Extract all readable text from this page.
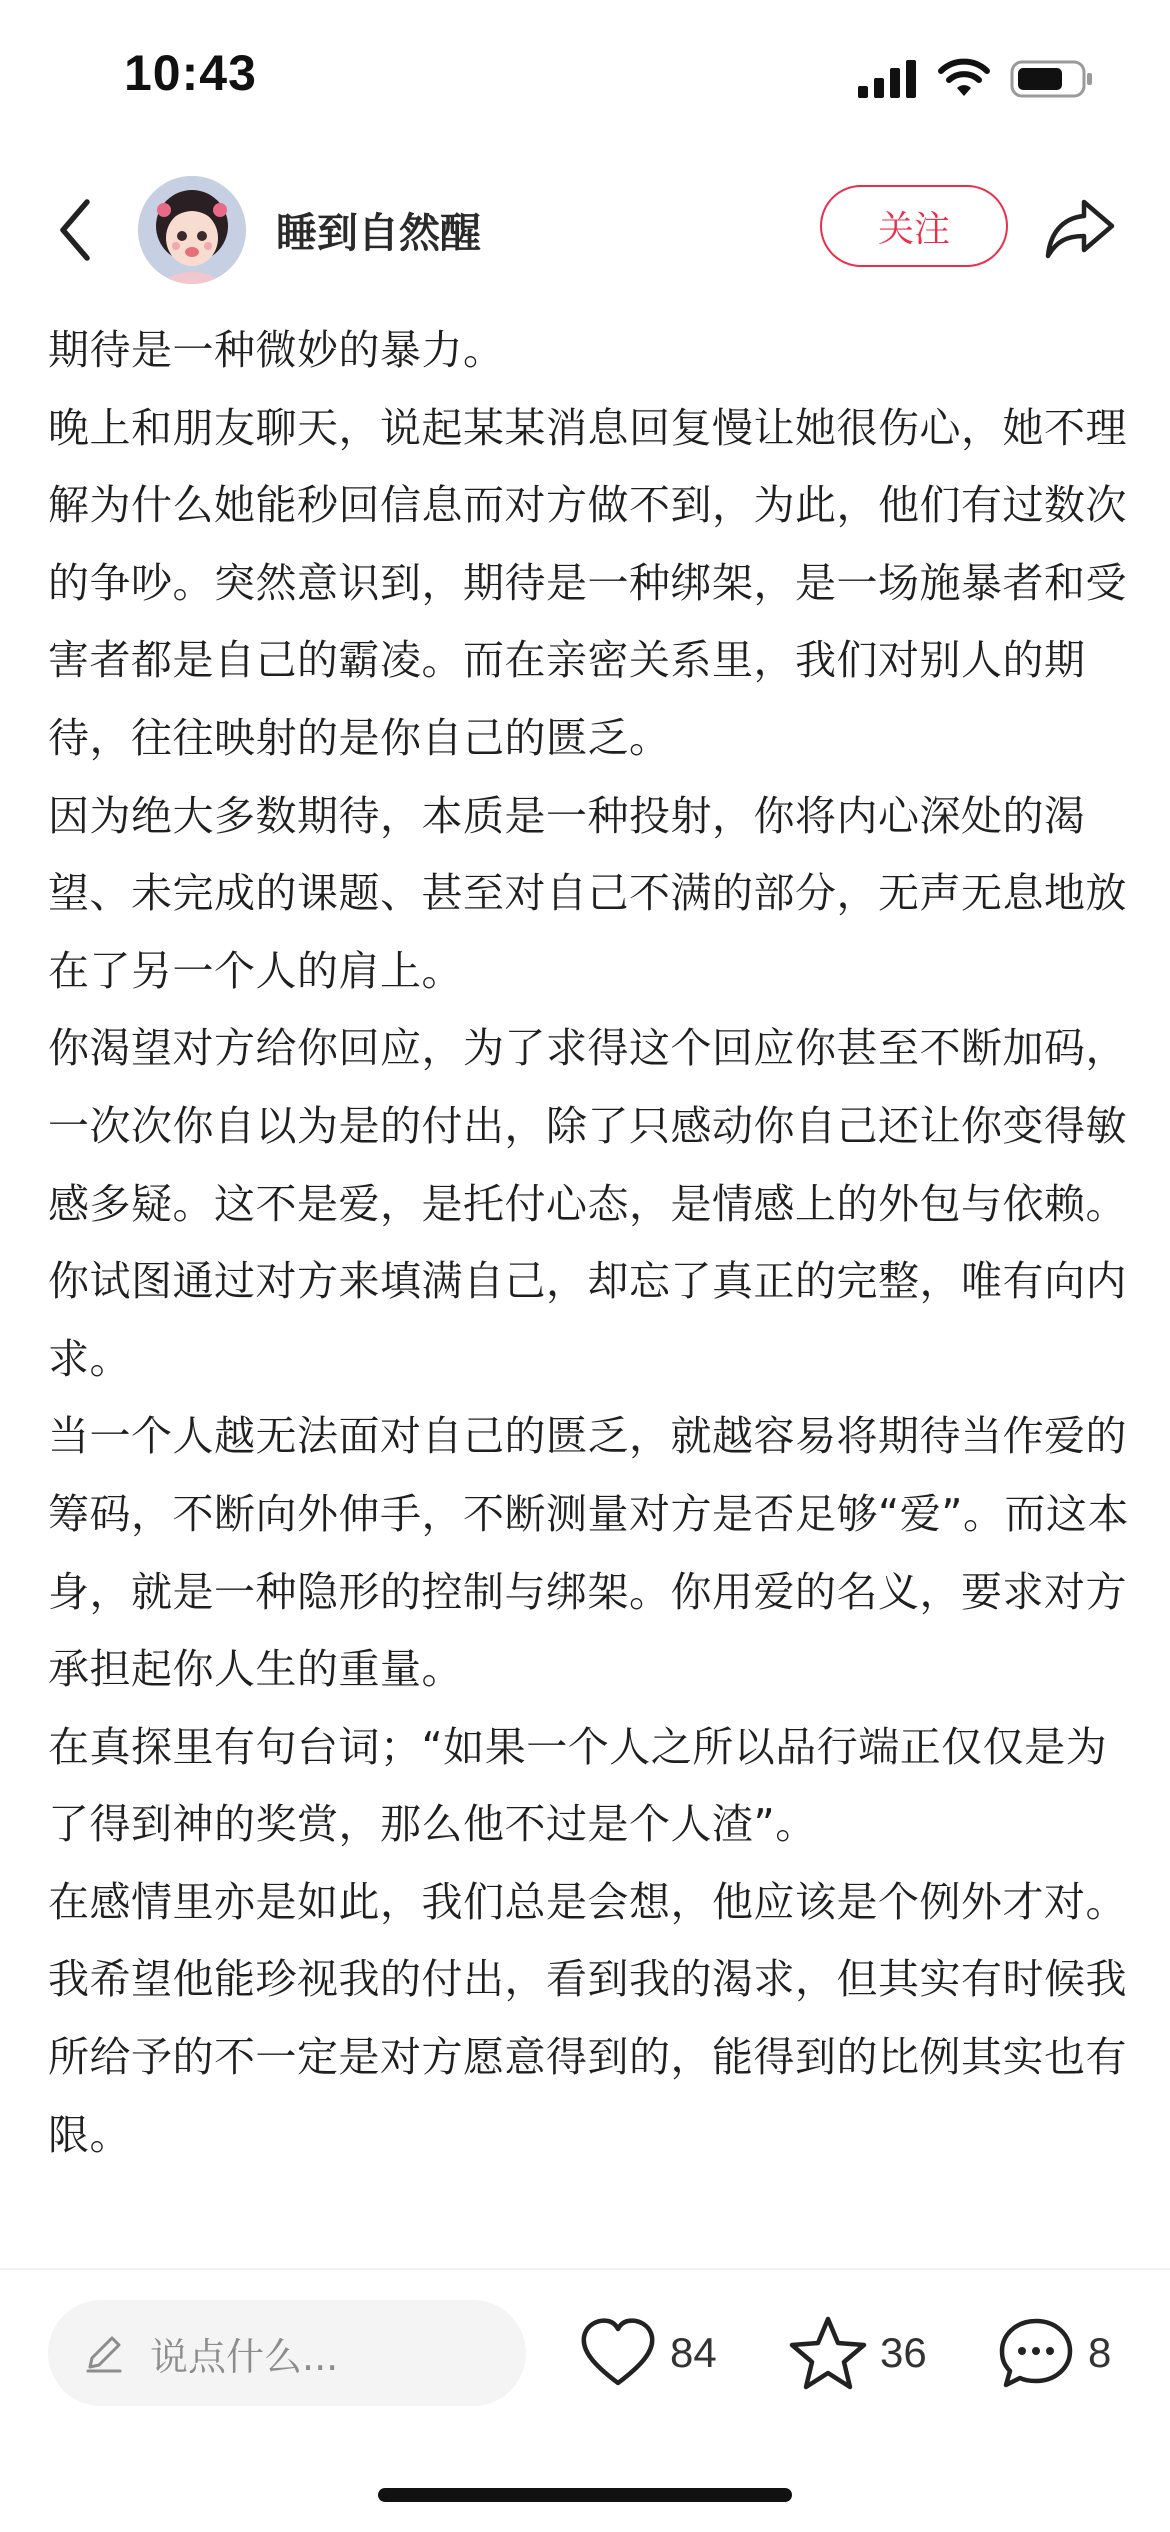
10:43
睡到自然醒	关注

期待是一种微妙的暴力。

晚上和朋友聊天，说起某某消息回复慢让她很伤心，她不理解为什么她能秒回信息而对方做不到，为此，他们有过数次的争吵。突然意识到，期待是一种绑架，是一场施暴者和受害者都是自己的霸凌。而在亲密关系里，我们对别人的期待，往往映射的是你自己的匮乏。

因为绝大多数期待，本质是一种投射，你将内心深处的渴望、未完成的课题、甚至对自己不满的部分，无声无息地放在了另一个人的肩上。

你渴望对方给你回应，为了求得这个回应你甚至不断加码，一次次你自以为是的付出，除了只感动你自己还让你变得敏感多疑。这不是爱，是托付心态，是情感上的外包与依赖。你试图通过对方来填满自己，却忘了真正的完整，唯有向内求。

当一个人越无法面对自己的匮乏，就越容易将期待当作爱的筹码，不断向外伸手，不断测量对方是否足够“爱”。而这本身，就是一种隐形的控制与绑架。你用爱的名义，要求对方承担起你人生的重量。

在真探里有句台词；“如果一个人之所以品行端正仅仅是为了得到神的奖赏，那么他不过是个人渣”。

在感情里亦是如此，我们总是会想，他应该是个例外才对。我希望他能珍视我的付出，看到我的渴求，但其实有时候我所给予的不一定是对方愿意得到的，能得到的比例其实也有限。

说点什么...	84	36	8
